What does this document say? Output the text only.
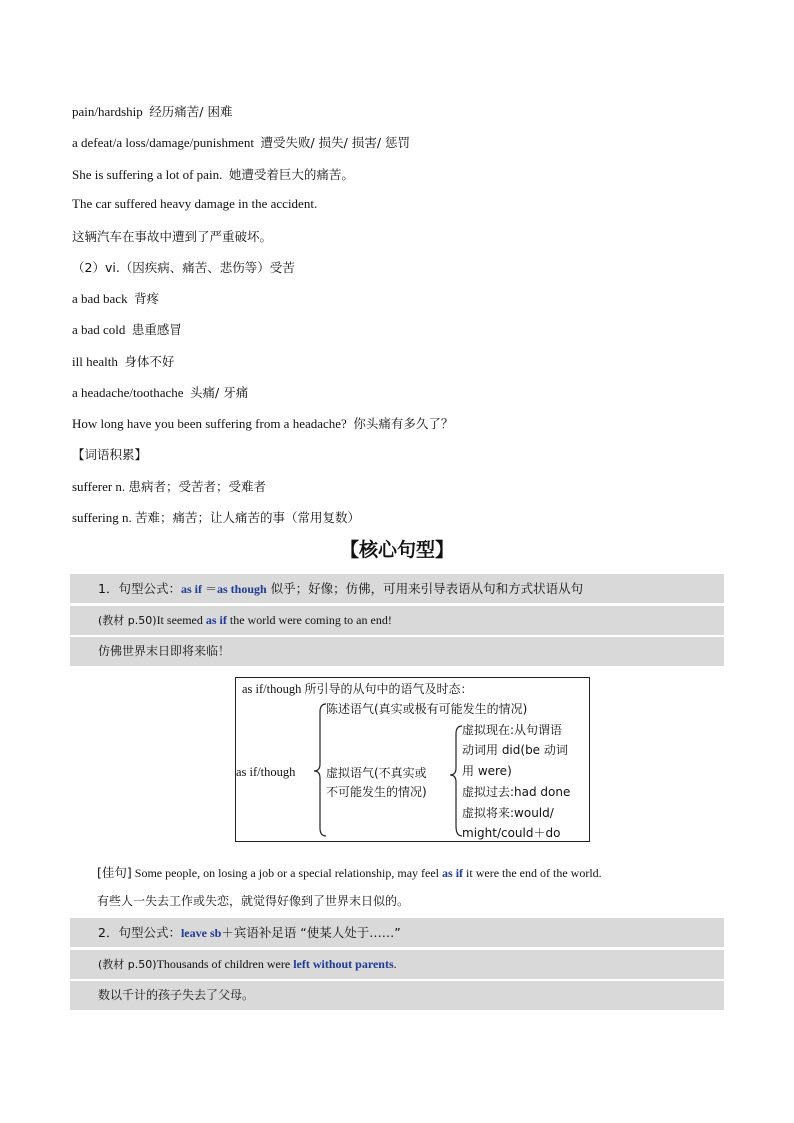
pain/hardship 经历痛苦/ 困难
a defeat/a loss/damage/punishment 遭受失败/ 损失/ 损害/ 惩罚
She is suffering a lot of pain. 她遭受着巨大的痛苦。
The car suffered heavy damage in the accident.
这辆汽车在事故中遭到了严重破坏。
（2）vi.（因疾病、痛苦、悲伤等）受苦
a bad back 背疼
a bad cold 患重感冒
ill health 身体不好
a headache/toothache 头痛/ 牙痛
How long have you been suffering from a headache? 你头痛有多久了？
【词语积累】
sufferer n. 患病者；受苦者；受难者
suffering n. 苦难；痛苦；让人痛苦的事（常用复数）
【核心句型】
1．句型公式：as if ＝as though 似乎；好像；仿佛，可用来引导表语从句和方式状语从句
(教材 p.50)It seemed as if the world were coming to an end!
仿佛世界末日即将来临！
as if/though 所引导的从句中的语气及时态：
as if/though
陈述语气(真实或极有可能发生的情况)
虚拟语气(不真实或
不可能发生的情况)
虚拟现在:从句谓语
动词用 did(be 动词
用 were)
虚拟过去:had done
虚拟将来:would/
might/could＋do
[佳句] Some people, on losing a job or a special relationship, may feel as if it were the end of the world.
有些人一失去工作或失恋，就觉得好像到了世界末日似的。
2．句型公式：leave sb＋宾语补足语 “使某人处于……”
(教材 p.50)Thousands of children were left without parents.
数以千计的孩子失去了父母。
